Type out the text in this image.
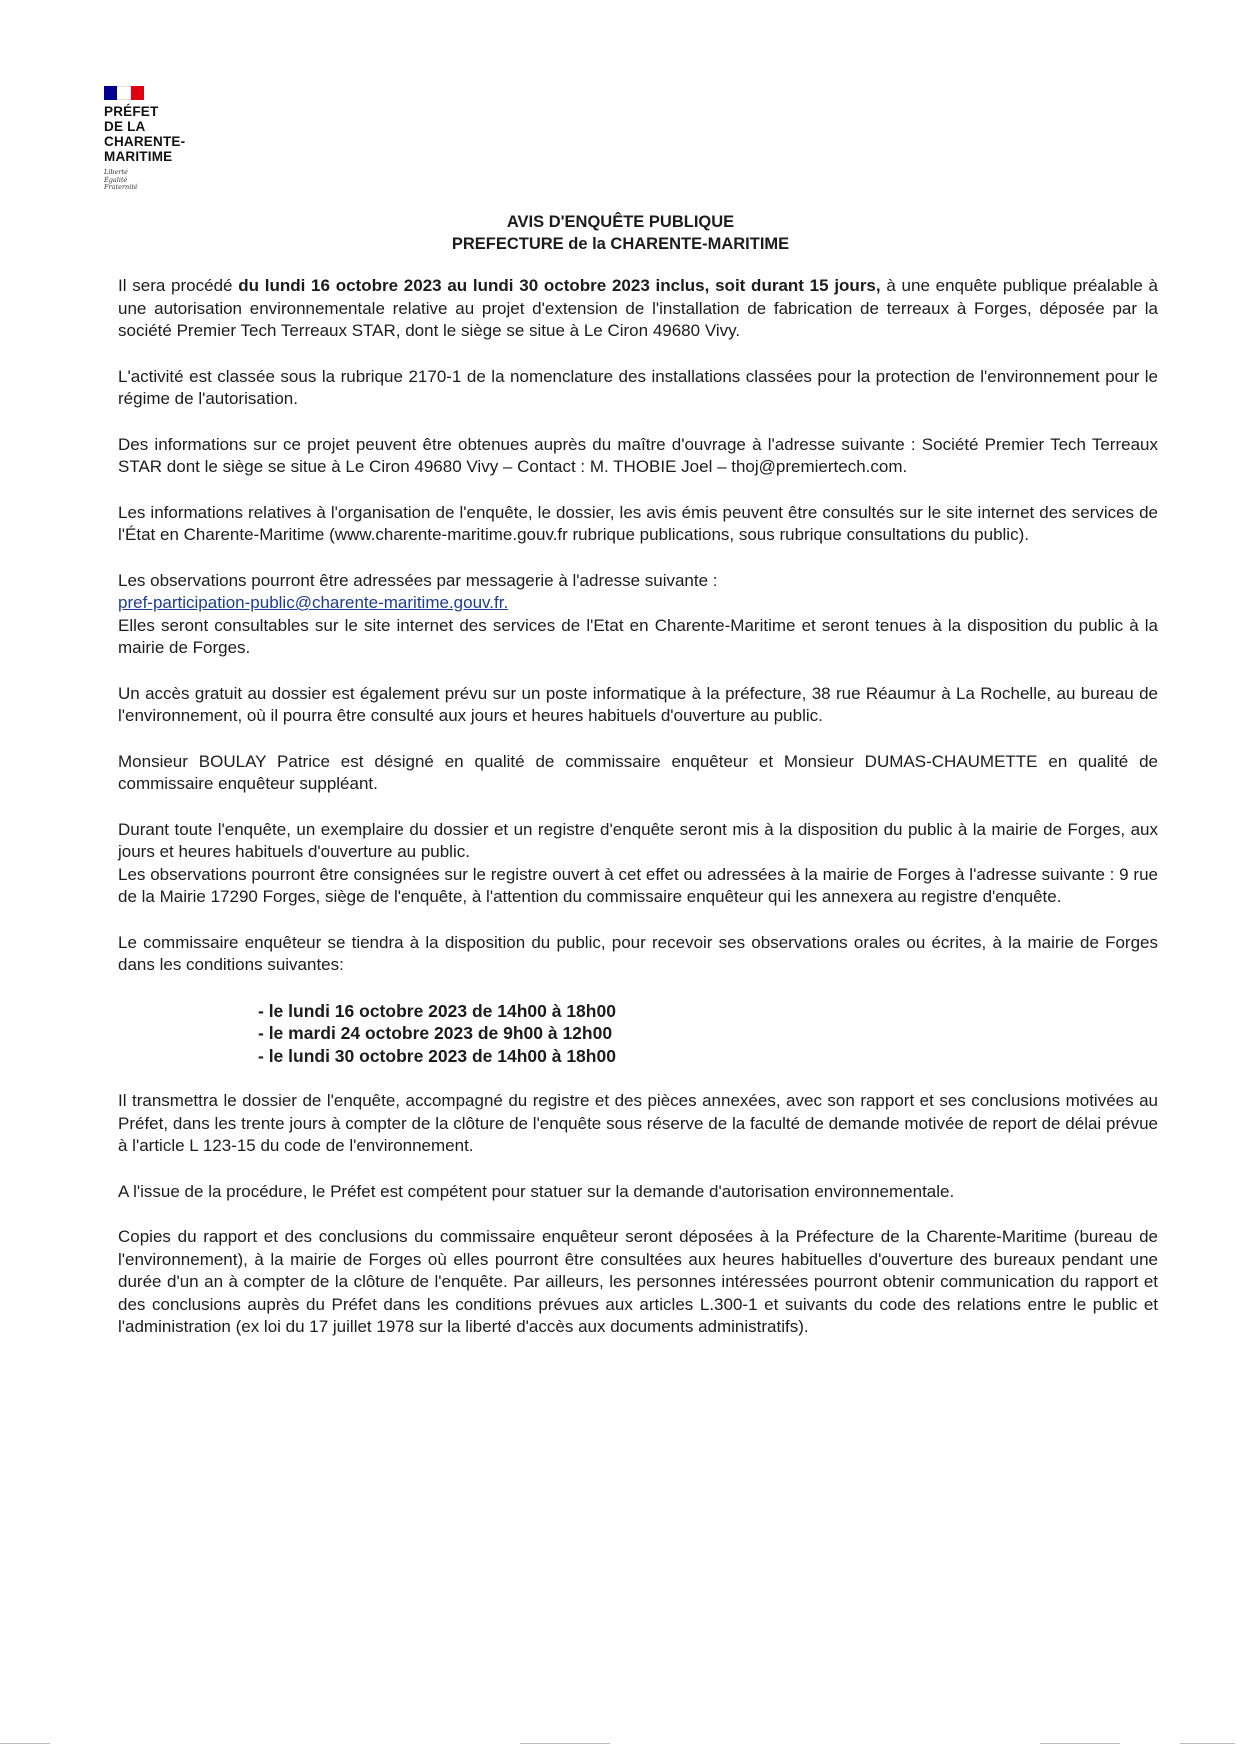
PRÉFET
DE LA
CHARENTE-
MARITIME
Liberté
Égalité
Fraternité
AVIS D'ENQUÊTE PUBLIQUE
PREFECTURE de la CHARENTE-MARITIME

Il sera procédé du lundi 16 octobre 2023 au lundi 30 octobre 2023 inclus, soit durant 15 jours, à une enquête publique préalable à une autorisation environnementale relative au projet d'extension de l'installation de fabrication de terreaux à Forges, déposée par la société Premier Tech Terreaux STAR, dont le siège se situe à Le Ciron 49680 Vivy.

L'activité est classée sous la rubrique 2170-1 de la nomenclature des installations classées pour la protection de l'environnement pour le régime de l'autorisation.

Des informations sur ce projet peuvent être obtenues auprès du maître d'ouvrage à l'adresse suivante : Société Premier Tech Terreaux STAR dont le siège se situe à Le Ciron 49680 Vivy – Contact : M. THOBIE Joel – thoj@premiertech.com.

Les informations relatives à l'organisation de l'enquête, le dossier, les avis émis peuvent être consultés sur le site internet des services de l'État en Charente-Maritime (www.charente-maritime.gouv.fr rubrique publications, sous rubrique consultations du public).

Les observations pourront être adressées par messagerie à l'adresse suivante :
pref-participation-public@charente-maritime.gouv.fr.
Elles seront consultables sur le site internet des services de l'Etat en Charente-Maritime et seront tenues à la disposition du public à la mairie de Forges.

Un accès gratuit au dossier est également prévu sur un poste informatique à la préfecture, 38 rue Réaumur à La Rochelle, au bureau de l'environnement, où il pourra être consulté aux jours et heures habituels d'ouverture au public.

Monsieur BOULAY Patrice est désigné en qualité de commissaire enquêteur et Monsieur DUMAS-CHAUMETTE en qualité de commissaire enquêteur suppléant.

Durant toute l'enquête, un exemplaire du dossier et un registre d'enquête seront mis à la disposition du public à la mairie de Forges, aux jours et heures habituels d'ouverture au public.
Les observations pourront être consignées sur le registre ouvert à cet effet ou adressées à la mairie de Forges à l'adresse suivante : 9 rue de la Mairie 17290 Forges, siège de l'enquête, à l'attention du commissaire enquêteur qui les annexera au registre d'enquête.

Le commissaire enquêteur se tiendra à la disposition du public, pour recevoir ses observations orales ou écrites, à la mairie de Forges dans les conditions suivantes:

- le lundi 16 octobre 2023 de 14h00 à 18h00
- le mardi 24 octobre 2023 de 9h00 à 12h00
- le lundi 30 octobre 2023 de 14h00 à 18h00

Il transmettra le dossier de l'enquête, accompagné du registre et des pièces annexées, avec son rapport et ses conclusions motivées au Préfet, dans les trente jours à compter de la clôture de l'enquête sous réserve de la faculté de demande motivée de report de délai prévue à l'article L 123-15 du code de l'environnement.

A l'issue de la procédure, le Préfet est compétent pour statuer sur la demande d'autorisation environnementale.

Copies du rapport et des conclusions du commissaire enquêteur seront déposées à la Préfecture de la Charente-Maritime (bureau de l'environnement), à la mairie de Forges où elles pourront être consultées aux heures habituelles d'ouverture des bureaux pendant une durée d'un an à compter de la clôture de l'enquête. Par ailleurs, les personnes intéressées pourront obtenir communication du rapport et des conclusions auprès du Préfet dans les conditions prévues aux articles L.300-1 et suivants du code des relations entre le public et l'administration (ex loi du 17 juillet 1978 sur la liberté d'accès aux documents administratifs).
